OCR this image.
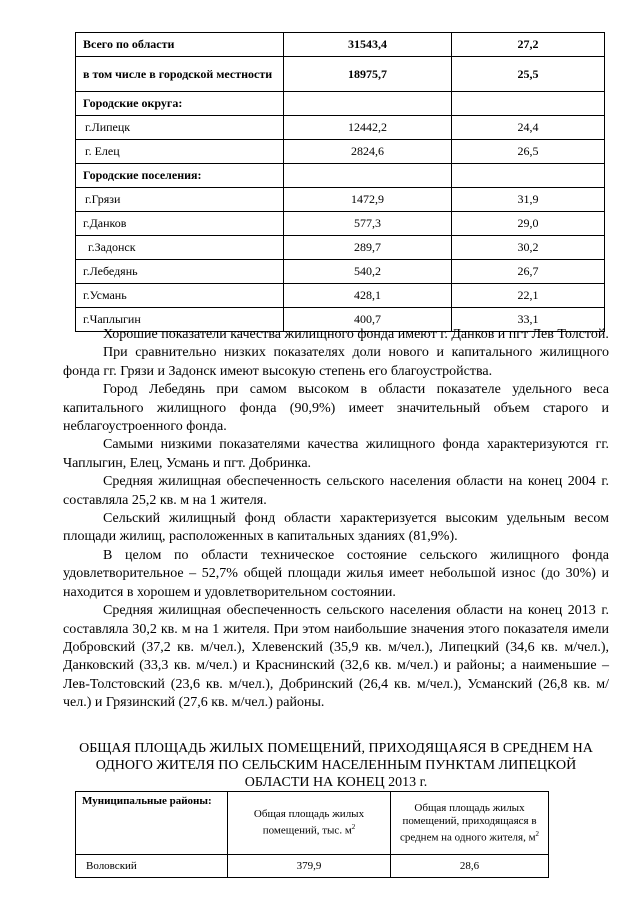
Всего по области	31543,4	27,2
в том числе в городской местности	18975,7	25,5
Городские округа:		
г.Липецк	12442,2	24,4
г. Елец	2824,6	26,5
Городские поселения:		
г.Грязи	1472,9	31,9
г.Данков	577,3	29,0
г.Задонск	289,7	30,2
г.Лебедянь	540,2	26,7
г.Усмань	428,1	22,1
г.Чаплыгин	400,7	33,1

Хорошие показатели качества жилищного фонда имеют г. Данков и пгт Лев Толстой.

При сравнительно низких показателях доли нового и капитального жилищного фонда гг. Грязи и Задонск имеют высокую степень его благоустройства.

Город Лебедянь при самом высоком в области показателе удельного веса капитального жилищного фонда (90,9%) имеет значительный объем старого и неблагоустроенного фонда.

Самыми низкими показателями качества жилищного фонда характеризуются гг. Чаплыгин, Елец, Усмань и пгт. Добринка.

Средняя жилищная обеспеченность сельского населения области на конец 2004 г. составляла 25,2 кв. м на 1 жителя.

Сельский жилищный фонд области характеризуется высоким удельным весом площади жилищ, расположенных в капитальных зданиях (81,9%).

В целом по области техническое состояние сельского жилищного фонда удовлетворительное – 52,7% общей площади жилья имеет небольшой износ (до 30%) и находится в хорошем и удовлетворительном состоянии.

Средняя жилищная обеспеченность сельского населения области на конец 2013 г. составляла 30,2 кв. м на 1 жителя. При этом наибольшие значения этого показателя имели Добровский (37,2 кв. м/чел.), Хлевенский (35,9 кв. м/чел.), Липецкий (34,6 кв. м/чел.), Данковский (33,3 кв. м/чел.) и Краснинский (32,6 кв. м/чел.) и районы; а наименьшие – Лев-Толстовский (23,6 кв. м/чел.), Добринский (26,4 кв. м/чел.), Усманский (26,8 кв. м/чел.) и Грязинский (27,6 кв. м/чел.) районы.

ОБЩАЯ ПЛОЩАДЬ ЖИЛЫХ ПОМЕЩЕНИЙ, ПРИХОДЯЩАЯСЯ В СРЕДНЕМ НА ОДНОГО ЖИТЕЛЯ ПО СЕЛЬСКИМ НАСЕЛЕННЫМ ПУНКТАМ ЛИПЕЦКОЙ ОБЛАСТИ НА КОНЕЦ 2013 г.
Муниципальные районы:	Общая площадь жилых помещений, тыс. $м^2$	Общая площадь жилых помещений, приходящаяся в среднем на одного жителя, $м^2$
Воловский	379,9	28,6
